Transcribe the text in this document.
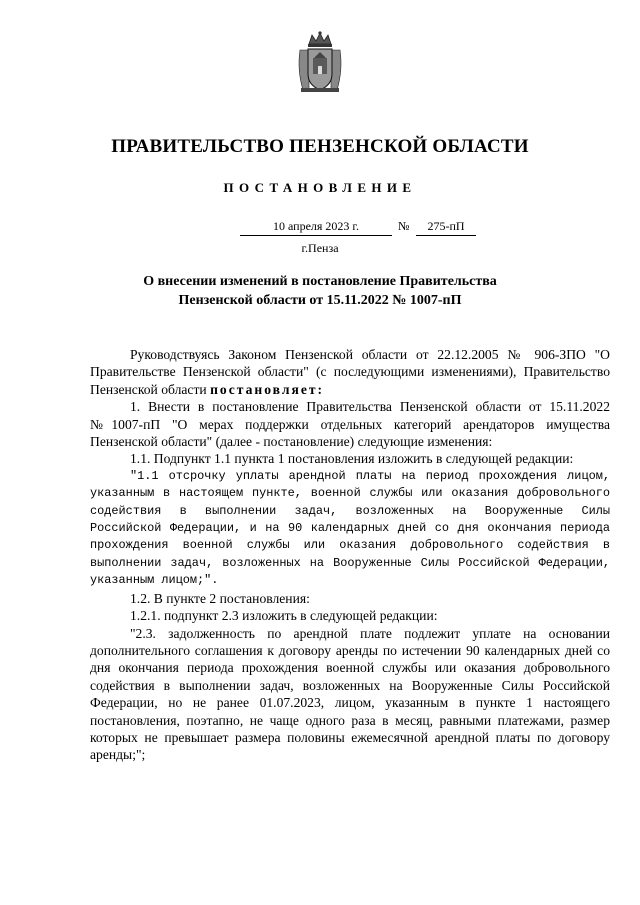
ПРАВИТЕЛЬСТВО ПЕНЗЕНСКОЙ ОБЛАСТИ
ПОСТАНОВЛЕНИЕ
10 апреля 2023 г.	№	275-пП
г.Пенза
О внесении изменений в постановление Правительства
Пензенской области от 15.11.2022 № 1007-пП

Руководствуясь Законом Пензенской области от 22.12.2005 № 906-ЗПО "О Правительстве Пензенской области" (с последующими изменениями), Правительство Пензенской области постановляет:

1. Внести в постановление Правительства Пензенской области от 15.11.2022 №1007-пП "О мерах поддержки отдельных категорий арендаторов имущества Пензенской области" (далее - постановление) следующие изменения:

1.1. Подпункт 1.1 пункта 1 постановления изложить в следующей редакции:

"1.1 отсрочку уплаты арендной платы на период прохождения лицом, указанным в настоящем пункте, военной службы или оказания добровольного содействия в выполнении задач, возложенных на Вооруженные Силы Российской Федерации, и на 90 календарных дней со дня окончания периода прохождения военной службы или оказания добровольного содействия в выполнении задач, возложенных на Вооруженные Силы Российской Федерации, указанным лицом;".

1.2. В пункте 2 постановления:

1.2.1. подпункт 2.3 изложить в следующей редакции:

"2.3. задолженность по арендной плате подлежит уплате на основании дополнительного соглашения к договору аренды по истечении 90 календарных дней со дня окончания периода прохождения военной службы или оказания добровольного содействия в выполнении задач, возложенных на Вооруженные Силы Российской Федерации, но не ранее 01.07.2023, лицом, указанным в пункте 1 настоящего постановления, поэтапно, не чаще одного раза в месяц, равными платежами, размер которых не превышает размера половины ежемесячной арендной платы по договору аренды;";
